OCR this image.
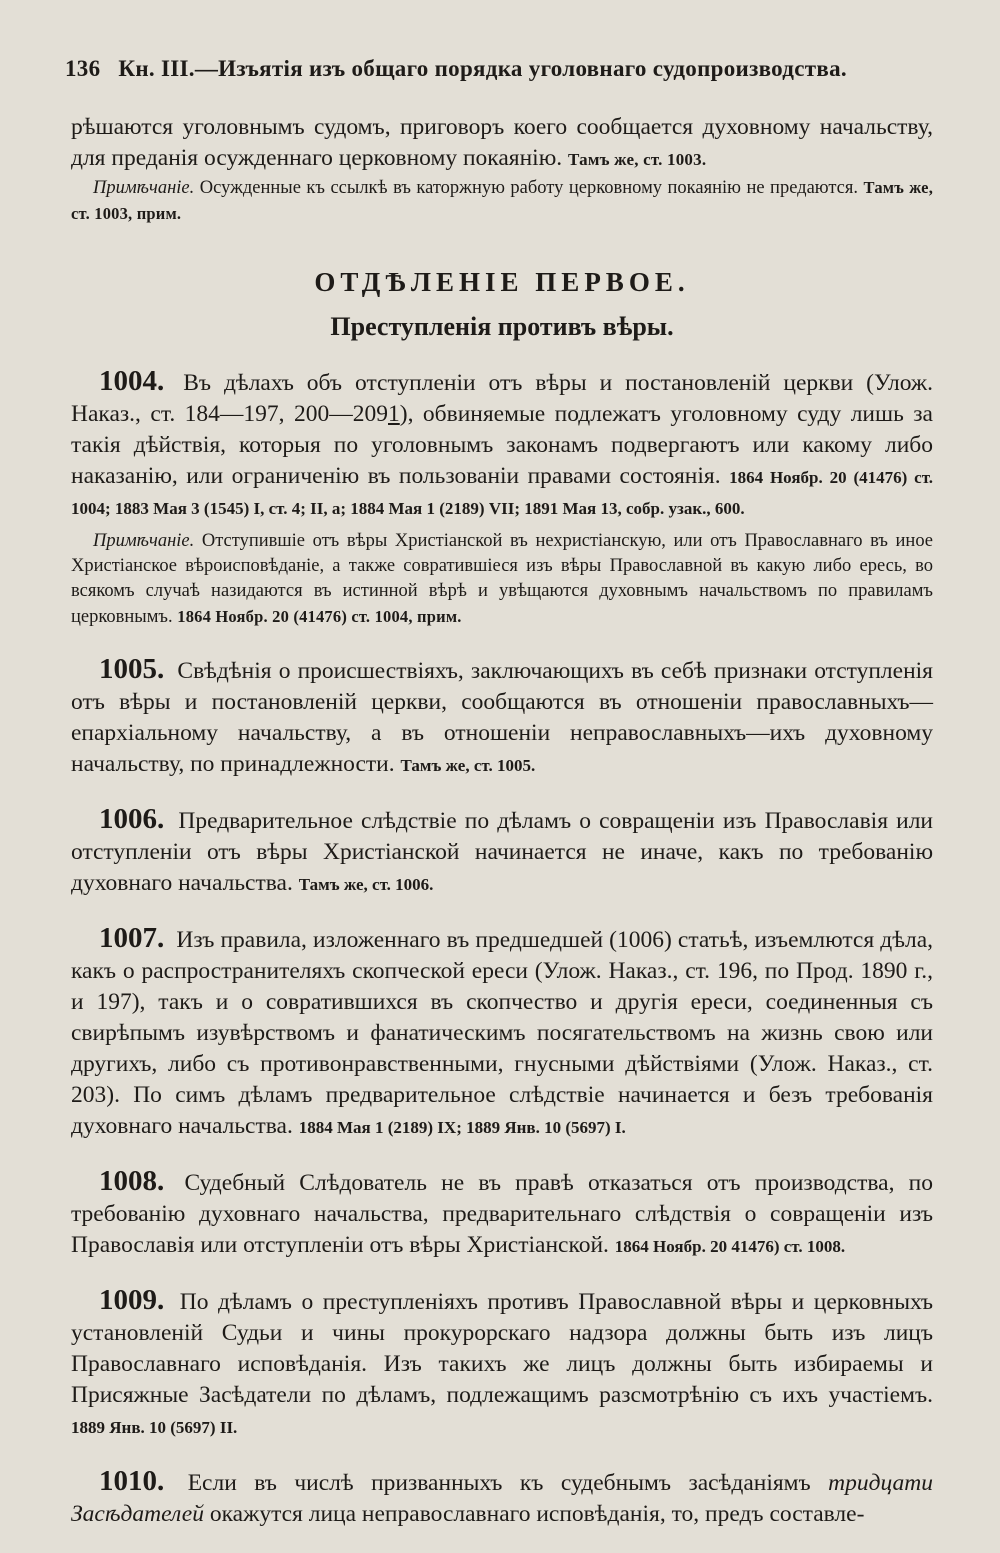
136 Кн. III.—Изъятія изъ общаго порядка уголовнаго судопроизводства.

рѣшаются уголовнымъ судомъ, приговоръ коего сообщается духовному начальству, для преданія осужденнаго церковному покаянію. Тамъ же, ст. 1003.

Примѣчаніе. Осужденные къ ссылкѣ въ каторжную работу церковному покаянію не предаются. Тамъ же, ст. 1003, прим.

ОТДѢЛЕНІЕ ПЕРВОЕ.
Преступленія противъ вѣры.

1004. Въ дѣлахъ объ отступленіи отъ вѣры и постановленій церкви (Улож. Наказ., ст. 184—197, 200—2091), обвиняемые подлежатъ уголовному суду лишь за такія дѣйствія, которыя по уголовнымъ законамъ подвергаютъ или какому либо наказанію, или ограниченію въ пользованіи правами состоянія. 1864 Ноябр. 20 (41476) ст. 1004; 1883 Мая 3 (1545) I, ст. 4; II, а; 1884 Мая 1 (2189) VII; 1891 Мая 13, собр. узак., 600.

Примѣчаніе. Отступившіе отъ вѣры Христіанской въ нехристіанскую, или отъ Православнаго въ иное Христіанское вѣроисповѣданіе, а также совратившіеся изъ вѣры Православной въ какую либо ересь, во всякомъ случаѣ назидаются въ истинной вѣрѣ и увѣщаются духовнымъ начальствомъ по правиламъ церковнымъ. 1864 Ноябр. 20 (41476) ст. 1004, прим.

1005. Свѣдѣнія о происшествіяхъ, заключающихъ въ себѣ признаки отступленія отъ вѣры и постановленій церкви, сообщаются въ отношеніи православныхъ—епархіальному начальству, а въ отношеніи неправославныхъ—ихъ духовному начальству, по принадлежности. Тамъ же, ст. 1005.

1006. Предварительное слѣдствіе по дѣламъ о совращеніи изъ Православія или отступленіи отъ вѣры Христіанской начинается не иначе, какъ по требованію духовнаго начальства. Тамъ же, ст. 1006.

1007. Изъ правила, изложеннаго въ предшедшей (1006) статьѣ, изъемлются дѣла, какъ о распространителяхъ скопческой ереси (Улож. Наказ., ст. 196, по Прод. 1890 г., и 197), такъ и о совратившихся въ скопчество и другія ереси, соединенныя съ свирѣпымъ изувѣрствомъ и фанатическимъ посягательствомъ на жизнь свою или другихъ, либо съ противонравственными, гнусными дѣйствіями (Улож. Наказ., ст. 203). По симъ дѣламъ предварительное слѣдствіе начинается и безъ требованія духовнаго начальства. 1884 Мая 1 (2189) IX; 1889 Янв. 10 (5697) I.

1008. Судебный Слѣдователь не въ правѣ отказаться отъ производства, по требованію духовнаго начальства, предварительнаго слѣдствія о совращеніи изъ Православія или отступленіи отъ вѣры Христіанской. 1864 Ноябр. 20 41476) ст. 1008.

1009. По дѣламъ о преступленіяхъ противъ Православной вѣры и церковныхъ установленій Судьи и чины прокурорскаго надзора должны быть изъ лицъ Православнаго исповѣданія. Изъ такихъ же лицъ должны быть избираемы и Присяжные Засѣдатели по дѣламъ, подлежащимъ разсмотрѣнію съ ихъ участіемъ. 1889 Янв. 10 (5697) II.

1010. Если въ числѣ призванныхъ къ судебнымъ засѣданіямъ тридцати Засѣдателей окажутся лица неправославнаго исповѣданія, то, предъ составле-
